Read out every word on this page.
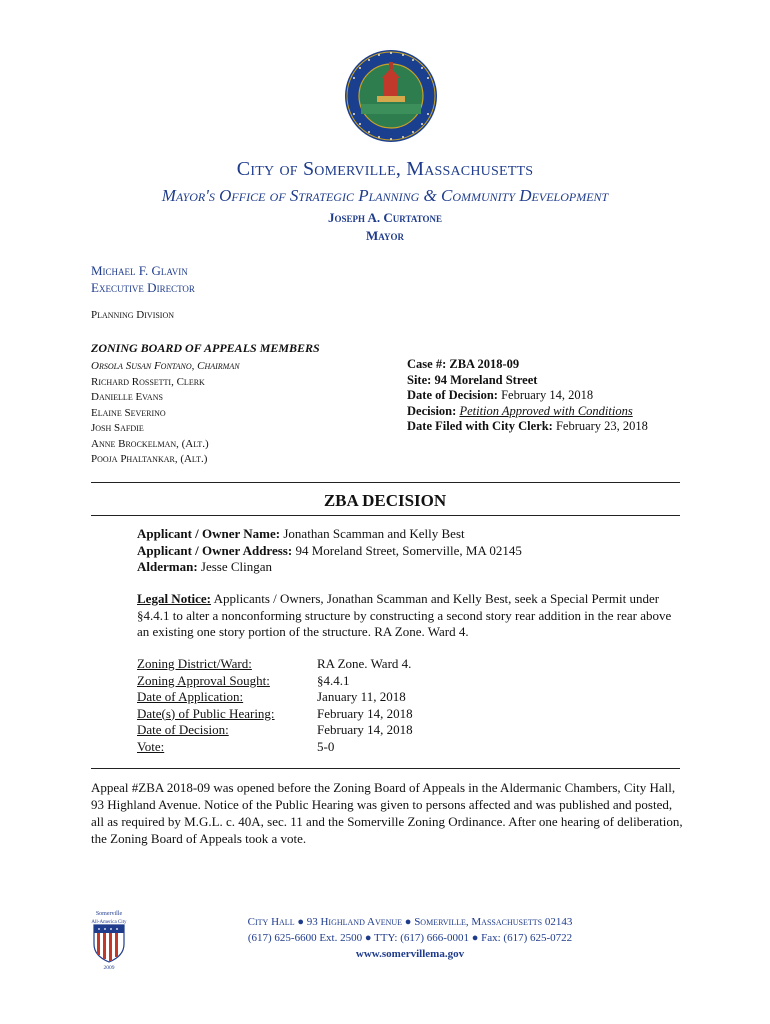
City of Somerville, Massachusetts
Mayor's Office of Strategic Planning & Community Development
Joseph A. Curtatone
Mayor
Michael F. Glavin
Executive Director
Planning Division
ZONING BOARD OF APPEALS MEMBERS
Orsola Susan Fontano, Chairman
Richard Rossetti, Clerk
Danielle Evans
Elaine Severino
Josh Safdie
Anne Brockelman, (Alt.)
Pooja Phaltankar, (Alt.)
Case #: ZBA 2018-09
Site: 94 Moreland Street
Date of Decision: February 14, 2018
Decision: Petition Approved with Conditions
Date Filed with City Clerk: February 23, 2018
ZBA DECISION
Applicant / Owner Name: Jonathan Scamman and Kelly Best
Applicant / Owner Address: 94 Moreland Street, Somerville, MA 02145
Alderman: Jesse Clingan
Legal Notice: Applicants / Owners, Jonathan Scamman and Kelly Best, seek a Special Permit under §4.4.1 to alter a nonconforming structure by constructing a second story rear addition in the rear above an existing one story portion of the structure. RA Zone. Ward 4.
Zoning District/Ward:	RA Zone. Ward 4.
Zoning Approval Sought:	§4.4.1
Date of Application:	January 11, 2018
Date(s) of Public Hearing:	February 14, 2018
Date of Decision:	February 14, 2018
Vote:	5-0
Appeal #ZBA 2018-09 was opened before the Zoning Board of Appeals in the Aldermanic Chambers, City Hall, 93 Highland Avenue. Notice of the Public Hearing was given to persons affected and was published and posted, all as required by M.G.L. c. 40A, sec. 11 and the Somerville Zoning Ordinance. After one hearing of deliberation, the Zoning Board of Appeals took a vote.
Somerville
All-America City
2009
City Hall ● 93 Highland Avenue ● Somerville, Massachusetts 02143
(617) 625-6600 Ext. 2500 ● TTY: (617) 666-0001 ● Fax: (617) 625-0722
www.somervillema.gov
